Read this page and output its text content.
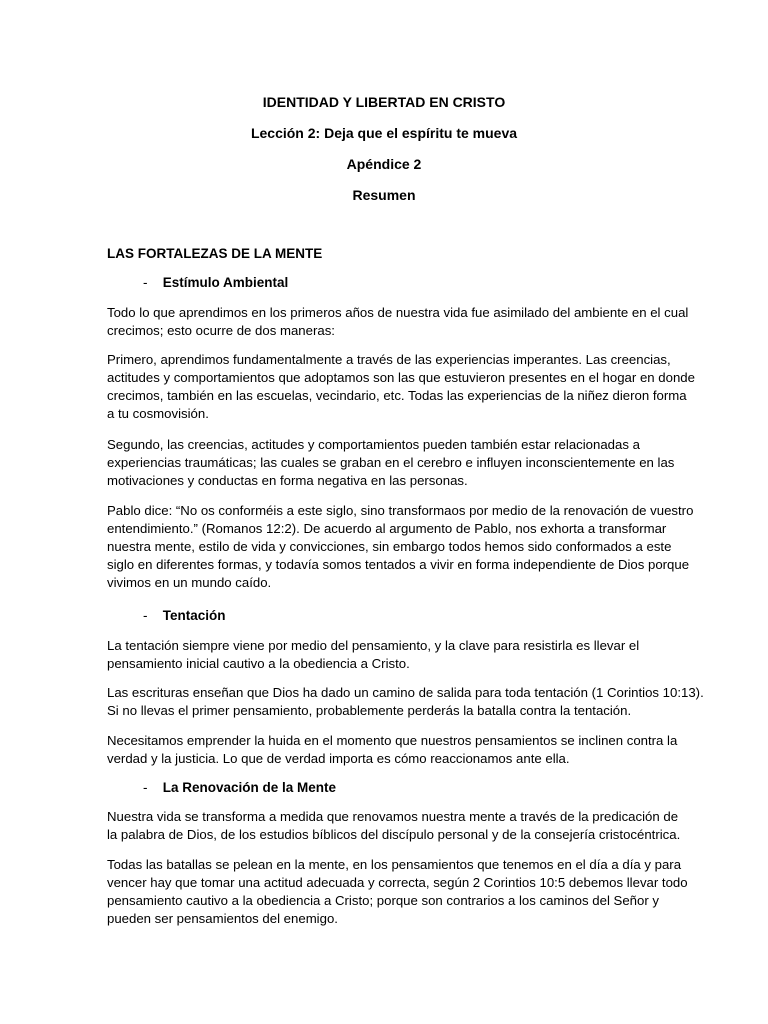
IDENTIDAD Y LIBERTAD EN CRISTO
Lección 2: Deja que el espíritu te mueva
Apéndice 2
Resumen
LAS FORTALEZAS DE LA MENTE
- Estímulo Ambiental
Todo lo que aprendimos en los primeros años de nuestra vida fue asimilado del ambiente en el cual
crecimos; esto ocurre de dos maneras:
Primero, aprendimos fundamentalmente a través de las experiencias imperantes. Las creencias,
actitudes y comportamientos que adoptamos son las que estuvieron presentes en el hogar en donde
crecimos, también en las escuelas, vecindario, etc. Todas las experiencias de la niñez dieron forma
a tu cosmovisión.
Segundo, las creencias, actitudes y comportamientos pueden también estar relacionadas a
experiencias traumáticas; las cuales se graban en el cerebro e influyen inconscientemente en las
motivaciones y conductas en forma negativa en las personas.
Pablo dice: “No os conforméis a este siglo, sino transformaos por medio de la renovación de vuestro
entendimiento.” (Romanos 12:2). De acuerdo al argumento de Pablo, nos exhorta a transformar
nuestra mente, estilo de vida y convicciones, sin embargo todos hemos sido conformados a este
siglo en diferentes formas, y todavía somos tentados a vivir en forma independiente de Dios porque
vivimos en un mundo caído.
- Tentación
La tentación siempre viene por medio del pensamiento, y la clave para resistirla es llevar el
pensamiento inicial cautivo a la obediencia a Cristo.
Las escrituras enseñan que Dios ha dado un camino de salida para toda tentación (1 Corintios 10:13).
Si no llevas el primer pensamiento, probablemente perderás la batalla contra la tentación.
Necesitamos emprender la huida en el momento que nuestros pensamientos se inclinen contra la
verdad y la justicia. Lo que de verdad importa es cómo reaccionamos ante ella.
- La Renovación de la Mente
Nuestra vida se transforma a medida que renovamos nuestra mente a través de la predicación de
la palabra de Dios, de los estudios bíblicos del discípulo personal y de la consejería cristocéntrica.
Todas las batallas se pelean en la mente, en los pensamientos que tenemos en el día a día y para
vencer hay que tomar una actitud adecuada y correcta, según 2 Corintios 10:5 debemos llevar todo
pensamiento cautivo a la obediencia a Cristo; porque son contrarios a los caminos del Señor y
pueden ser pensamientos del enemigo.
